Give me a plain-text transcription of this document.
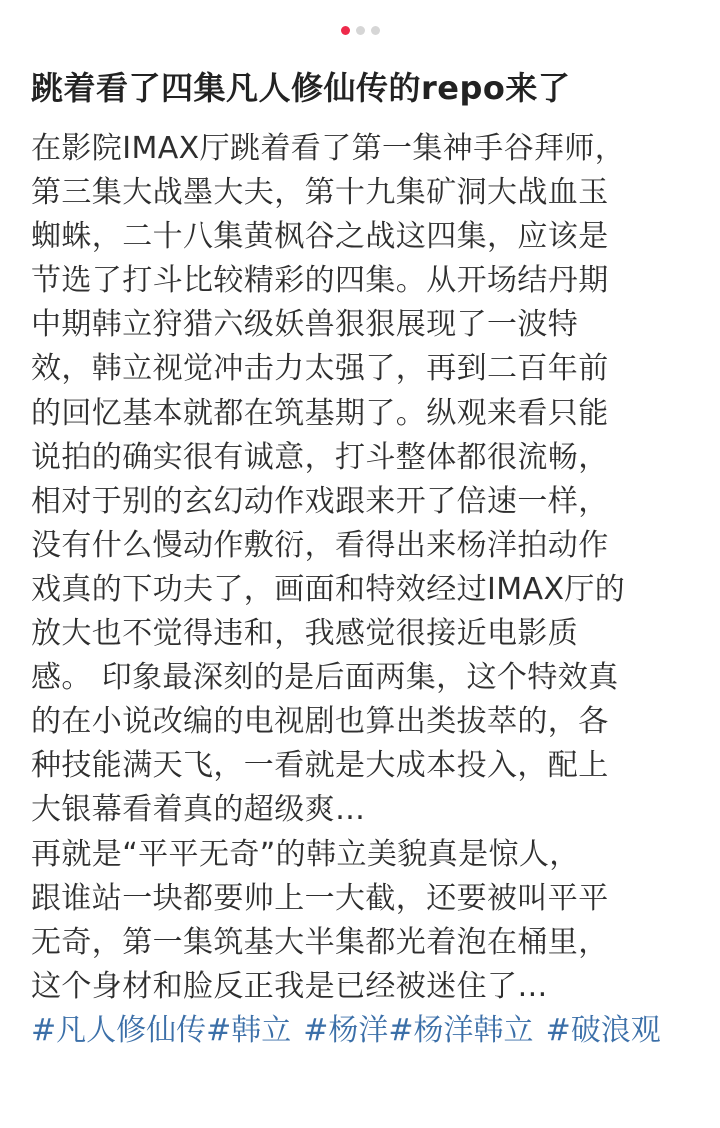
跳着看了四集凡人修仙传的repo来了
在影院IMAX厅跳着看了第一集神手谷拜师，
第三集大战墨大夫，第十九集矿洞大战血玉
蜘蛛，二十八集黄枫谷之战这四集，应该是
节选了打斗比较精彩的四集。从开场结丹期
中期韩立狩猎六级妖兽狠狠展现了一波特
效，韩立视觉冲击力太强了，再到二百年前
的回忆基本就都在筑基期了。纵观来看只能
说拍的确实很有诚意，打斗整体都很流畅，
相对于别的玄幻动作戏跟来开了倍速一样，
没有什么慢动作敷衍，看得出来杨洋拍动作
戏真的下功夫了，画面和特效经过IMAX厅的
放大也不觉得违和，我感觉很接近电影质
感。 印象最深刻的是后面两集，这个特效真
的在小说改编的电视剧也算出类拔萃的，各
种技能满天飞，一看就是大成本投入，配上
大银幕看着真的超级爽…
再就是“平平无奇”的韩立美貌真是惊人，
跟谁站一块都要帅上一大截，还要被叫平平
无奇，第一集筑基大半集都光着泡在桶里，
这个身材和脸反正我是已经被迷住了…
#凡人修仙传#韩立 #杨洋#杨洋韩立 #破浪观
